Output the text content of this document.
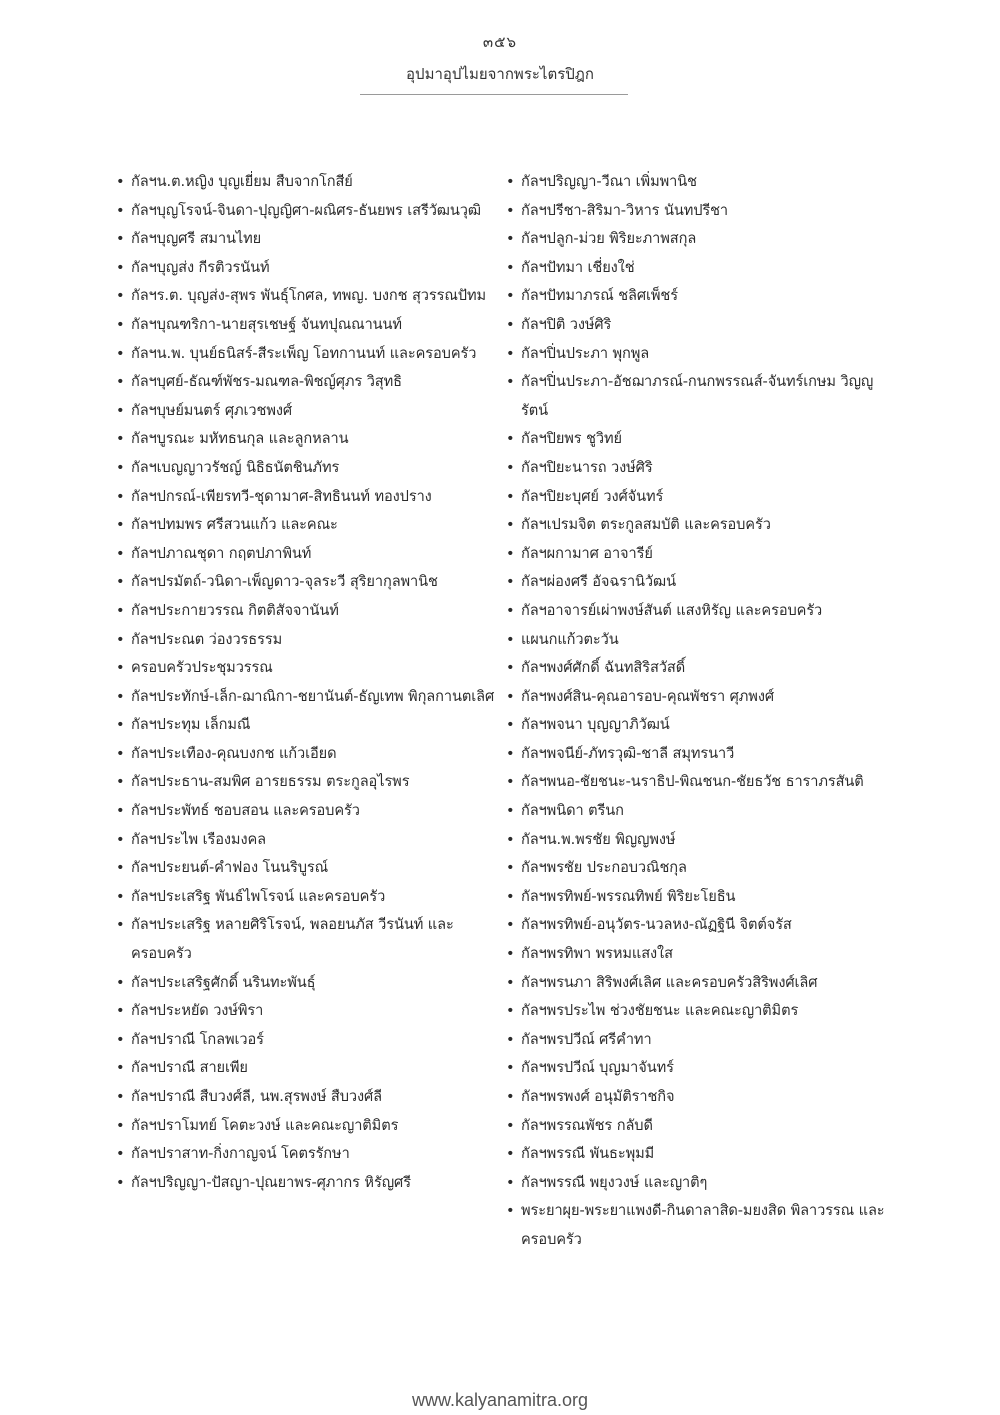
๓๕๖
อุปมาอุปไมยจากพระไตรปิฎก
• กัลฯน.ต.หญิง บุญเยี่ยม สืบจากโกสีย์
• กัลฯบุญโรจน์-จินดา-ปุญญิศา-ผณิศร-ธันยพร เสรีวัฒนวุฒิ
• กัลฯบุญศรี สมานไทย
• กัลฯบุญส่ง กีรติวรนันท์
• กัลฯร.ต. บุญส่ง-สุพร พันธุ์โกศล, ทพญ. บงกช สุวรรณปัทม
• กัลฯบุณฑริกา-นายสุรเชษฐ์ จันทปุณณานนท์
• กัลฯน.พ. บุนย์ธนิสร์-สีระเพ็ญ โอทกานนท์ และครอบครัว
• กัลฯบุศย์-ธัณฑ์พัชร-มณฑล-พิชญ์ศุภร วิสุทธิ
• กัลฯบุษย์มนตร์ ศุภเวชพงศ์
• กัลฯบูรณะ มหัทธนกุล และลูกหลาน
• กัลฯเบญญาวรัชญ์ นิธิธนัตชินภัทร
• กัลฯปกรณ์-เพียรทวี-ชุดามาศ-สิทธินนท์ ทองปราง
• กัลฯปทมพร ศรีสวนแก้ว และคณะ
• กัลฯปภาณชุดา กฤตปภาพินท์
• กัลฯปรมัตถ์-วนิดา-เพ็ญดาว-จุลระวี สุริยากุลพานิช
• กัลฯประกายวรรณ กิตติสัจจานันท์
• กัลฯประณต ว่องวรธรรม
• ครอบครัวประชุมวรรณ
• กัลฯประทักษ์-เล็ก-ฌาณิกา-ชยานันต์-ธัญเทพ พิกุลกานตเลิศ
• กัลฯประทุม เล็กมณี
• กัลฯประเทือง-คุณบงกช แก้วเอียด
• กัลฯประธาน-สมพิศ อารยธรรม ตระกูลอุไรพร
• กัลฯประพัทธ์ ชอบสอน และครอบครัว
• กัลฯประไพ เรืองมงคล
• กัลฯประยนต์-คำฟอง โนนริบูรณ์
• กัลฯประเสริฐ พันธ์ไพโรจน์ และครอบครัว
• กัลฯประเสริฐ หลายศิริโรจน์, พลอยนภัส วีรนันท์ และครอบครัว
• กัลฯประเสริฐศักดิ์ นรินทะพันธุ์
• กัลฯประหยัด วงษ์พิรา
• กัลฯปราณี โกลพเวอร์
• กัลฯปราณี สายเพีย
• กัลฯปราณี สืบวงศ์ลี, นพ.สุรพงษ์ สืบวงศ์ลี
• กัลฯปราโมทย์ โคตะวงษ์ และคณะญาติมิตร
• กัลฯปราสาท-กิ่งกาญจน์ โคตรรักษา
• กัลฯปริญญา-ปัสญา-ปุณยาพร-ศุภากร หิรัญศรี
• กัลฯปริญญา-วีณา เพิ่มพานิช
• กัลฯปรีชา-สิริมา-วิหาร นันทปรีชา
• กัลฯปลูก-ม่วย พิริยะภาพสกุล
• กัลฯปัทมา เชี่ยงใช่
• กัลฯปัทมาภรณ์ ชลิศเพ็ชร์
• กัลฯปิติ วงษ์ศิริ
• กัลฯปิ่นประภา พุกพูล
• กัลฯปิ่นประภา-อัชฌาภรณ์-กนกพรรณส์-จันทร์เกษม วิญญูรัตน์
• กัลฯปิยพร ชูวิทย์
• กัลฯปิยะนารถ วงษ์ศิริ
• กัลฯปิยะบุศย์ วงศ์จันทร์
• กัลฯเปรมจิต ตระกูลสมบัติ และครอบครัว
• กัลฯผกามาศ อาจารีย์
• กัลฯผ่องศรี อัจฉรานิวัฒน์
• กัลฯอาจารย์เผ่าพงษ์สันต์ แสงหิรัญ และครอบครัว
• แผนกแก้วตะวัน
• กัลฯพงศ์ศักดิ์ ฉันทสิริสวัสดิ์
• กัลฯพงศ์สิน-คุณอารอบ-คุณพัชรา ศุภพงศ์
• กัลฯพจนา บุญญาภิวัฒน์
• กัลฯพจนีย์-ภัทรวุฒิ-ชาลี สมุทรนาวี
• กัลฯพนอ-ชัยชนะ-นราธิป-พิณชนก-ชัยธวัช ธาราภรสันติ
• กัลฯพนิดา ตรีนก
• กัลฯน.พ.พรชัย พิญญพงษ์
• กัลฯพรชัย ประกอบวณิชกุล
• กัลฯพรทิพย์-พรรณทิพย์ พิริยะโยธิน
• กัลฯพรทิพย์-อนุวัตร-นวลหง-ณัฏฐินี จิตต์จรัส
• กัลฯพรทิพา พรหมแสงใส
• กัลฯพรนภา สิริพงศ์เลิศ และครอบครัวสิริพงศ์เลิศ
• กัลฯพรประไพ ช่วงชัยชนะ และคณะญาติมิตร
• กัลฯพรปวีณ์ ศรีคำทา
• กัลฯพรปวีณ์ บุญมาจันทร์
• กัลฯพรพงศ์ อนุมัติราชกิจ
• กัลฯพรรณพัชร กลับดี
• กัลฯพรรณี พันธะพุมมี
• กัลฯพรรณี พยุงวงษ์ และญาติๆ
• พระยาผุย-พระยาแพงดี-กินดาลาสิด-มยงสิด พิลาวรรณ และครอบครัว
www.kalyanamitra.org
